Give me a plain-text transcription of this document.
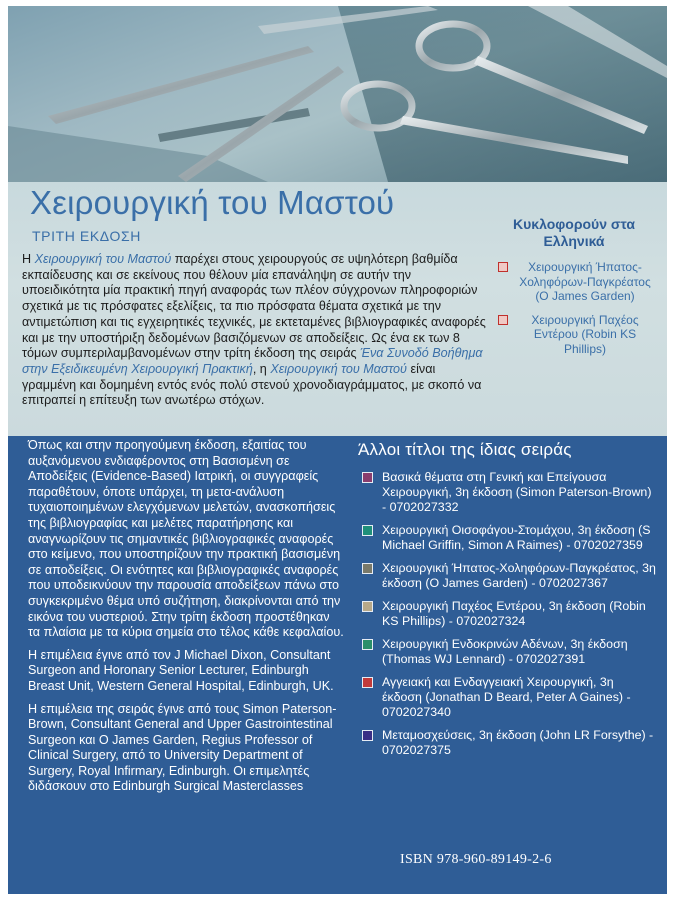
Χειρουργική του Μαστού
ΤΡΙΤΗ ΕΚΔΟΣΗ

Η Χειρουργική του Μαστού παρέχει στους χειρουργούς σε υψηλότερη βαθμίδα εκπαίδευσης και σε εκείνους που θέλουν μία επανάληψη σε αυτήν την υποειδικότητα μία πρακτική πηγή αναφοράς των πλέον σύγχρονων πληροφοριών σχετικά με τις πρόσφατες εξελίξεις, τα πιο πρόσφατα θέματα σχετικά με την αντιμετώπιση και τις εγχειρητικές τεχνικές, με εκτεταμένες βιβλιογραφικές αναφορές και με την υποστήριξη δεδομένων βασιζόμενων σε αποδείξεις. Ως ένα εκ των 8 τόμων συμπεριλαμβανομένων στην τρίτη έκδοση της σειράς Ένα Συνοδό Βοήθημα στην Εξειδικευμένη Χειρουργική Πρακτική, η Χειρουργική του Μαστού είναι γραμμένη και δομημένη εντός ενός πολύ στενού χρονοδιαγράμματος, με σκοπό να επιτραπεί η επίτευξη των ανωτέρω στόχων.

Κυκλοφορούν στα Ελληνικά
Χειρουργική Ήπατος-Χοληφόρων-Παγκρέατος (O James Garden)
Χειρουργική Παχέος Εντέρου (Robin KS Phillips)

Όπως και στην προηγούμενη έκδοση, εξαιτίας του αυξανόμενου ενδιαφέροντος στη Βασισμένη σε Αποδείξεις (Evidence-Based) Ιατρική, οι συγγραφείς παραθέτουν, όποτε υπάρχει, τη μετα-ανάλυση τυχαιοποιημένων ελεγχόμενων μελετών, ανασκοπήσεις της βιβλιογραφίας και μελέτες παρατήρησης και αναγνωρίζουν τις σημαντικές βιβλιογραφικές αναφορές στο κείμενο, που υποστηρίζουν την πρακτική βασισμένη σε αποδείξεις. Οι ενότητες και βιβλιογραφικές αναφορές που υποδεικνύουν την παρουσία αποδείξεων πάνω στο συγκεκριμένο θέμα υπό συζήτηση, διακρίνονται από την εικόνα του νυστεριού. Στην τρίτη έκδοση προστέθηκαν τα πλαίσια με τα κύρια σημεία στο τέλος κάθε κεφαλαίου.

Η επιμέλεια έγινε από τον J Michael Dixon, Consultant Surgeon and Horonary Senior Lecturer, Edinburgh Breast Unit, Western General Hospital, Edinburgh, UK.

Η επιμέλεια της σειράς έγινε από τους Simon Paterson-Brown, Consultant General and Upper Gastrointestinal Surgeon και O James Garden, Regius Professor of Clinical Surgery, από το University Department of Surgery, Royal Infirmary, Edinburgh. Οι επιμελητές διδάσκουν στο Edinburgh Surgical Masterclasses

Άλλοι τίτλοι της ίδιας σειράς
Βασικά θέματα στη Γενική και Επείγουσα Χειρουργική, 3η έκδοση (Simon Paterson-Brown) - 0702027332
Χειρουργική Οισοφάγου-Στομάχου, 3η έκδοση (S Michael Griffin, Simon A Raimes) - 0702027359
Χειρουργική Ήπατος-Χοληφόρων-Παγκρέατος, 3η έκδοση (O James Garden) - 0702027367
Χειρουργική Παχέος Εντέρου, 3η έκδοση (Robin KS Phillips) - 0702027324
Χειρουργική Ενδοκρινών Αδένων, 3η έκδοση (Thomas WJ Lennard) - 0702027391
Αγγειακή και Ενδαγγειακή Χειρουργική, 3η έκδοση (Jonathan D Beard, Peter A Gaines) - 0702027340
Μεταμοσχεύσεις, 3η έκδοση (John LR Forsythe) - 0702027375
ISBN 978-960-89149-2-6
